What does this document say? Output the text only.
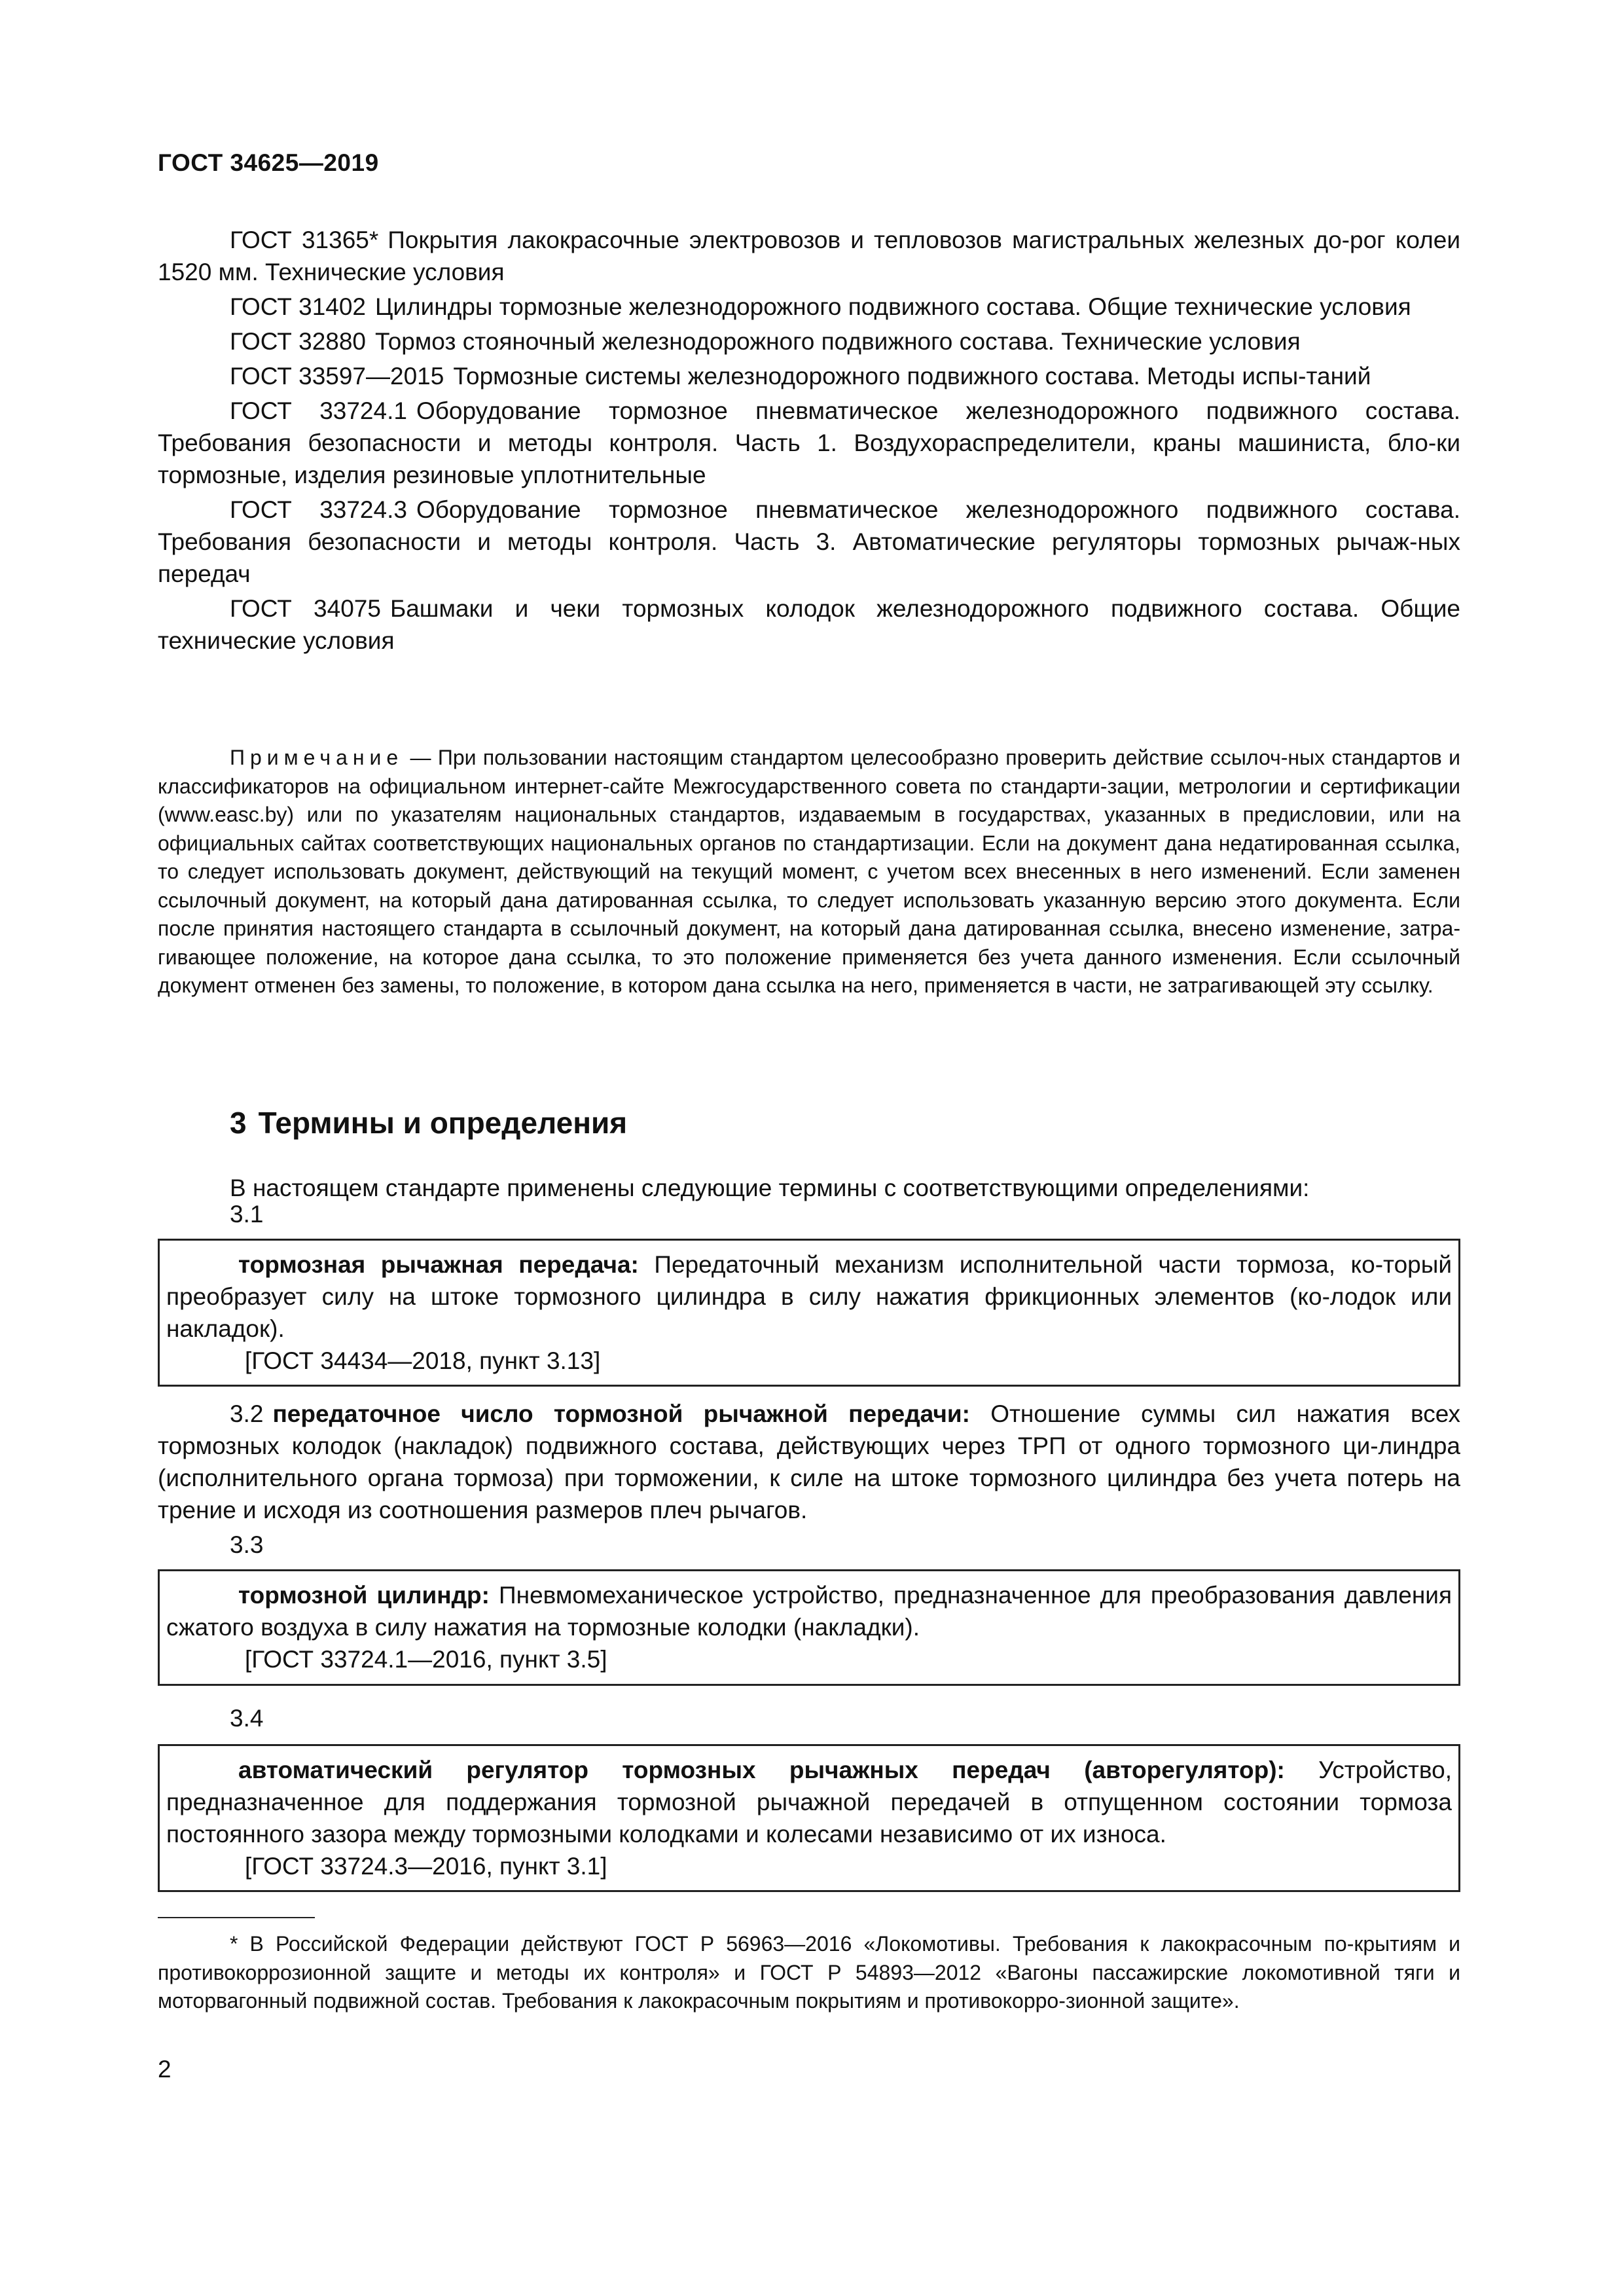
ГОСТ 34625—2019

ГОСТ 31365* Покрытия лакокрасочные электровозов и тепловозов магистральных железных до-рог колеи 1520 мм. Технические условия

ГОСТ 31402 Цилиндры тормозные железнодорожного подвижного состава. Общие технические условия

ГОСТ 32880 Тормоз стояночный железнодорожного подвижного состава. Технические условия

ГОСТ 33597—2015 Тормозные системы железнодорожного подвижного состава. Методы испы-таний

ГОСТ 33724.1 Оборудование тормозное пневматическое железнодорожного подвижного состава. Требования безопасности и методы контроля. Часть 1. Воздухораспределители, краны машиниста, бло-ки тормозные, изделия резиновые уплотнительные

ГОСТ 33724.3 Оборудование тормозное пневматическое железнодорожного подвижного состава. Требования безопасности и методы контроля. Часть 3. Автоматические регуляторы тормозных рычаж-ных передач

ГОСТ 34075 Башмаки и чеки тормозных колодок железнодорожного подвижного состава. Общие технические условия

Примечание — При пользовании настоящим стандартом целесообразно проверить действие ссылоч-ных стандартов и классификаторов на официальном интернет-сайте Межгосударственного совета по стандарти-зации, метрологии и сертификации (www.easc.by) или по указателям национальных стандартов, издаваемым в государствах, указанных в предисловии, или на официальных сайтах соответствующих национальных органов по стандартизации. Если на документ дана недатированная ссылка, то следует использовать документ, действующий на текущий момент, с учетом всех внесенных в него изменений. Если заменен ссылочный документ, на который дана датированная ссылка, то следует использовать указанную версию этого документа. Если после принятия настоящего стандарта в ссылочный документ, на который дана датированная ссылка, внесено изменение, затра-гивающее положение, на которое дана ссылка, то это положение применяется без учета данного изменения. Если ссылочный документ отменен без замены, то положение, в котором дана ссылка на него, применяется в части, не затрагивающей эту ссылку.
3 Термины и определения
В настоящем стандарте применены следующие термины с соответствующими определениями:
3.1

тормозная рычажная передача: Передаточный механизм исполнительной части тормоза, ко-торый преобразует силу на штоке тормозного цилиндра в силу нажатия фрикционных элементов (ко-лодок или накладок).

[ГОСТ 34434—2018, пункт 3.13]

3.2 передаточное число тормозной рычажной передачи: Отношение суммы сил нажатия всех тормозных колодок (накладок) подвижного состава, действующих через ТРП от одного тормозного ци-линдра (исполнительного органа тормоза) при торможении, к силе на штоке тормозного цилиндра без учета потерь на трение и исходя из соотношения размеров плеч рычагов.
3.3

тормозной цилиндр: Пневмомеханическое устройство, предназначенное для преобразования давления сжатого воздуха в силу нажатия на тормозные колодки (накладки).

[ГОСТ 33724.1—2016, пункт 3.5]

3.4

автоматический регулятор тормозных рычажных передач (авторегулятор): Устройство, предназначенное для поддержания тормозной рычажной передачей в отпущенном состоянии тормоза постоянного зазора между тормозными колодками и колесами независимо от их износа.

[ГОСТ 33724.3—2016, пункт 3.1]

* В Российской Федерации действуют ГОСТ Р 56963—2016 «Локомотивы. Требования к лакокрасочным по-крытиям и противокоррозионной защите и методы их контроля» и ГОСТ Р 54893—2012 «Вагоны пассажирские локомотивной тяги и моторвагонный подвижной состав. Требования к лакокрасочным покрытиям и противокорро-зионной защите».
2
